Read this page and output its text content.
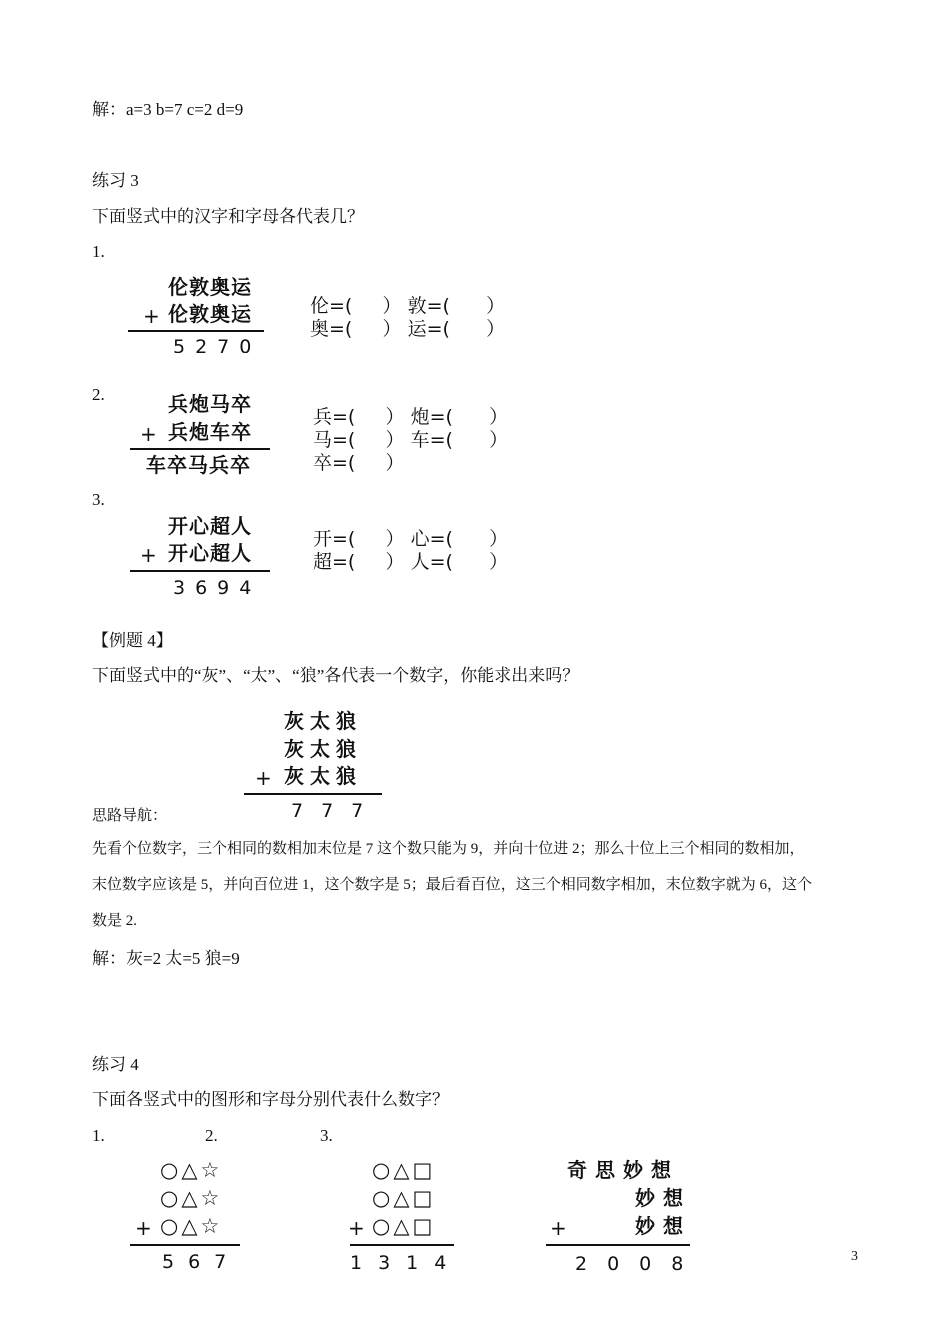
解：a=3 b=7 c=2 d=9
练习 3
下面竖式中的汉字和字母各代表几？
1.
伦敦奥运
+ 伦敦奥运
5270
伦=(     ） 敦=(      ）
奥=(     ） 运=(      ）
2.	兵炮马卒
+ 兵炮车卒
车卒马兵卒
兵=(     ） 炮=(      ）
马=(     ） 车=(      ）
卒=(     ）
3.
开心超人
+ 开心超人
3694
开=(     ） 心=(      ）
超=(     ） 人=(      ）
【例题 4】
下面竖式中的“灰”、“太”、“狼”各代表一个数字，你能求出来吗？
灰太狼
灰太狼
+ 灰太狼
777
思路导航：
先看个位数字，三个相同的数相加末位是 7 这个数只能为 9，并向十位进 2；那么十位上三个相同的数相加，
末位数字应该是 5，并向百位进 1，这个数字是 5；最后看百位，这三个相同数字相加，末位数字就为 6，这个
数是 2.
解：灰=2 太=5 狼=9
练习 4
下面各竖式中的图形和字母分别代表什么数字？
1.	2.	3.
○△☆
○△☆
+ ○△☆
567
○△□
○△□
+ ○△□
1314
奇思妙想
妙想
+	妙想
2008	3
